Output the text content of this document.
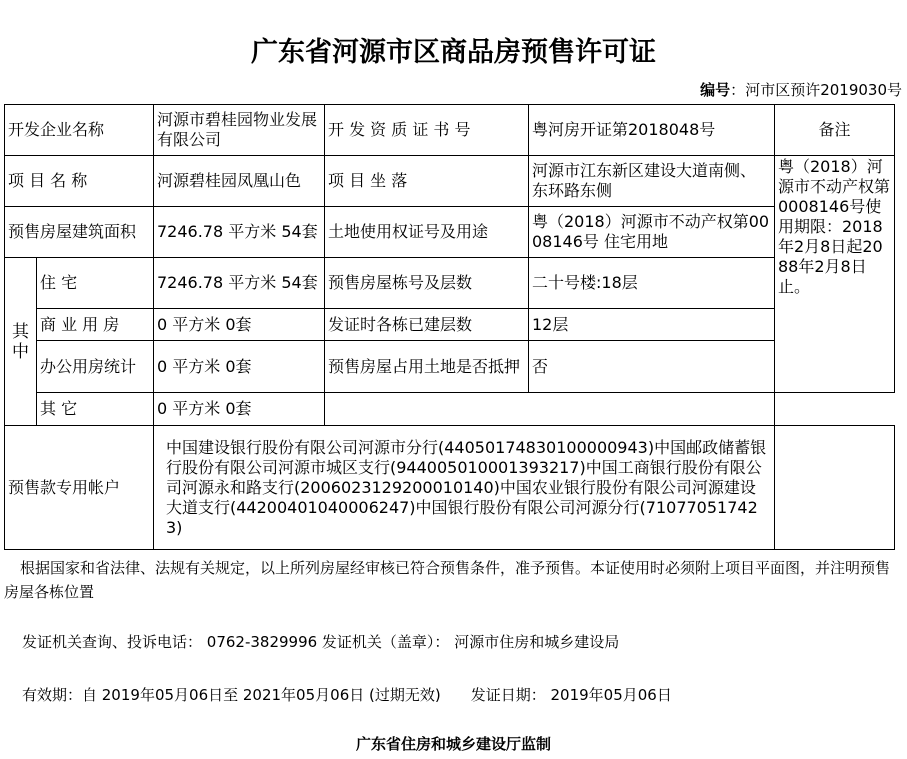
广东省河源市区商品房预售许可证
编号：河市区预许2019030号
开发企业名称		河源市碧桂园物业发展有限公司	开 发 资 质 证 书 号	粤河房开证第2018048号	备注
项 目 名 称		河源碧桂园凤凰山色	项 目 坐 落	河源市江东新区建设大道南侧、东环路东侧	粤（2018）河源市不动产权第0008146号使用期限：2018年2月8日起2088年2月8日止。
预售房屋建筑面积		7246.78 平方米 54套	土地使用权证号及用途	粤（2018）河源市不动产权第0008146号 住宅用地	
其中	住 宅	7246.78 平方米 54套	预售房屋栋号及层数	二十号楼:18层	
	商 业 用 房	0 平方米 0套	发证时各栋已建层数	12层	
	办公用房统计	0 平方米 0套	预售房屋占用土地是否抵押	否	
	其 它	0 平方米 0套			
预售款专用帐户		中国建设银行股份有限公司河源市分行(44050174830100000943)中国邮政储蓄银行股份有限公司河源市城区支行(944005010001393217)中国工商银行股份有限公司河源永和路支行(2006023129200010140)中国农业银行股份有限公司河源建设大道支行(44200401040006247)中国银行股份有限公司河源分行(710770517423)			
根据国家和省法律、法规有关规定，以上所列房屋经审核已符合预售条件，准予预售。本证使用时必须附上项目平面图，并注明预售房屋各栋位置
发证机关查询、投诉电话： 0762-3829996 发证机关（盖章）： 河源市住房和城乡建设局
有效期：自 2019年05月06日至 2021年05月06日 (过期无效) 发证日期： 2019年05月06日
广东省住房和城乡建设厅监制
